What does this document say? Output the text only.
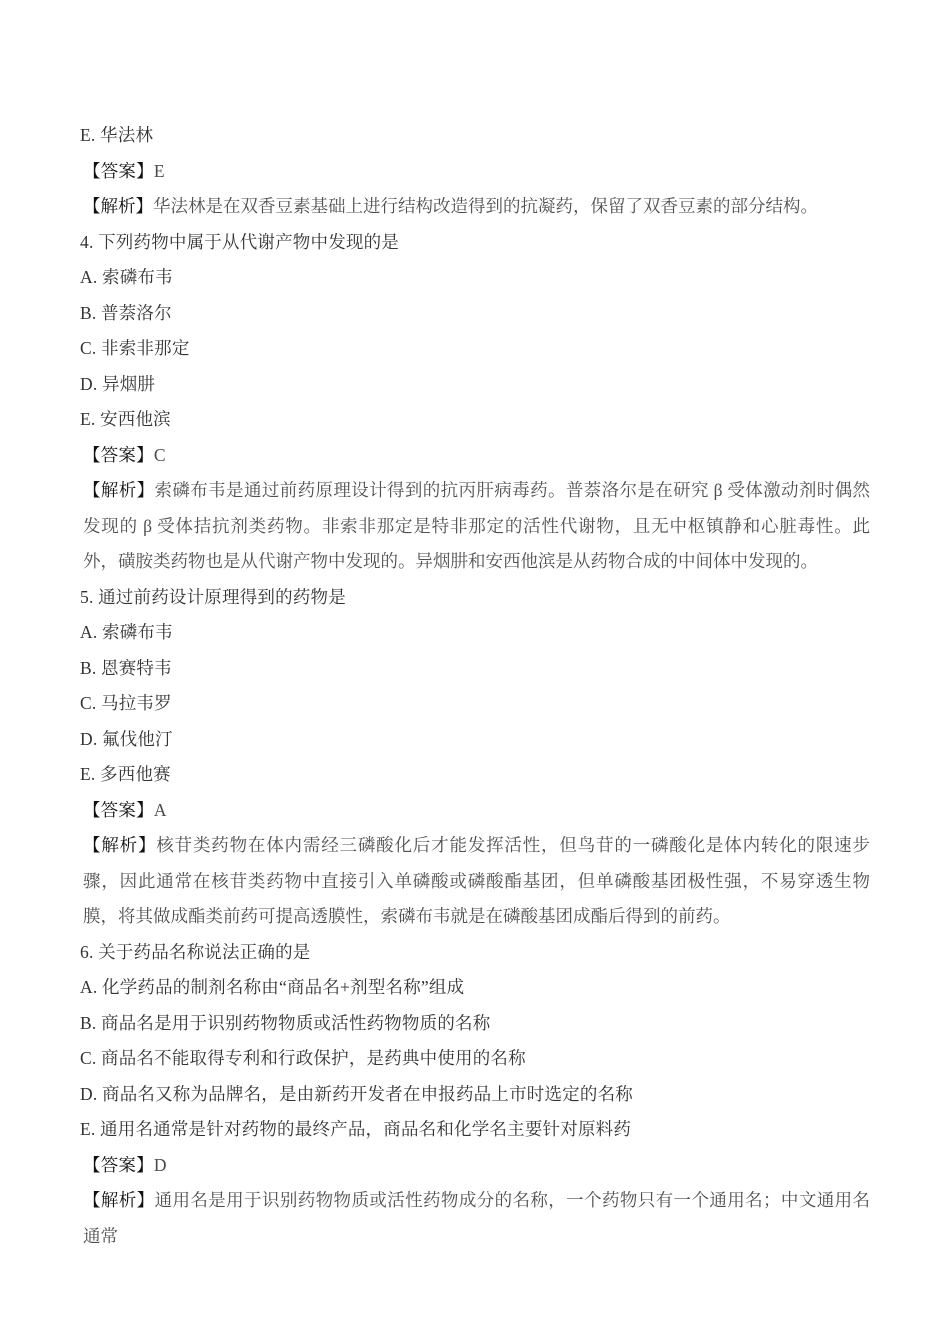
E. 华法林
【答案】E
【解析】华法林是在双香豆素基础上进行结构改造得到的抗凝药，保留了双香豆素的部分结构。
4. 下列药物中属于从代谢产物中发现的是
A. 索磷布韦
B. 普萘洛尔
C. 非索非那定
D. 异烟肼
E. 安西他滨
【答案】C
【解析】索磷布韦是通过前药原理设计得到的抗丙肝病毒药。普萘洛尔是在研究 β 受体激动剂时偶然发现的 β 受体拮抗剂类药物。非索非那定是特非那定的活性代谢物，且无中枢镇静和心脏毒性。此外，磺胺类药物也是从代谢产物中发现的。异烟肼和安西他滨是从药物合成的中间体中发现的。
5. 通过前药设计原理得到的药物是
A. 索磷布韦
B. 恩赛特韦
C. 马拉韦罗
D. 氟伐他汀
E. 多西他赛
【答案】A
【解析】核苷类药物在体内需经三磷酸化后才能发挥活性，但鸟苷的一磷酸化是体内转化的限速步骤，因此通常在核苷类药物中直接引入单磷酸或磷酸酯基团，但单磷酸基团极性强，不易穿透生物膜，将其做成酯类前药可提高透膜性，索磷布韦就是在磷酸基团成酯后得到的前药。
6. 关于药品名称说法正确的是
A. 化学药品的制剂名称由“商品名+剂型名称”组成
B. 商品名是用于识别药物物质或活性药物物质的名称
C. 商品名不能取得专利和行政保护，是药典中使用的名称
D. 商品名又称为品牌名，是由新药开发者在申报药品上市时选定的名称
E. 通用名通常是针对药物的最终产品，商品名和化学名主要针对原料药
【答案】D
【解析】通用名是用于识别药物物质或活性药物成分的名称，一个药物只有一个通用名；中文通用名通常
